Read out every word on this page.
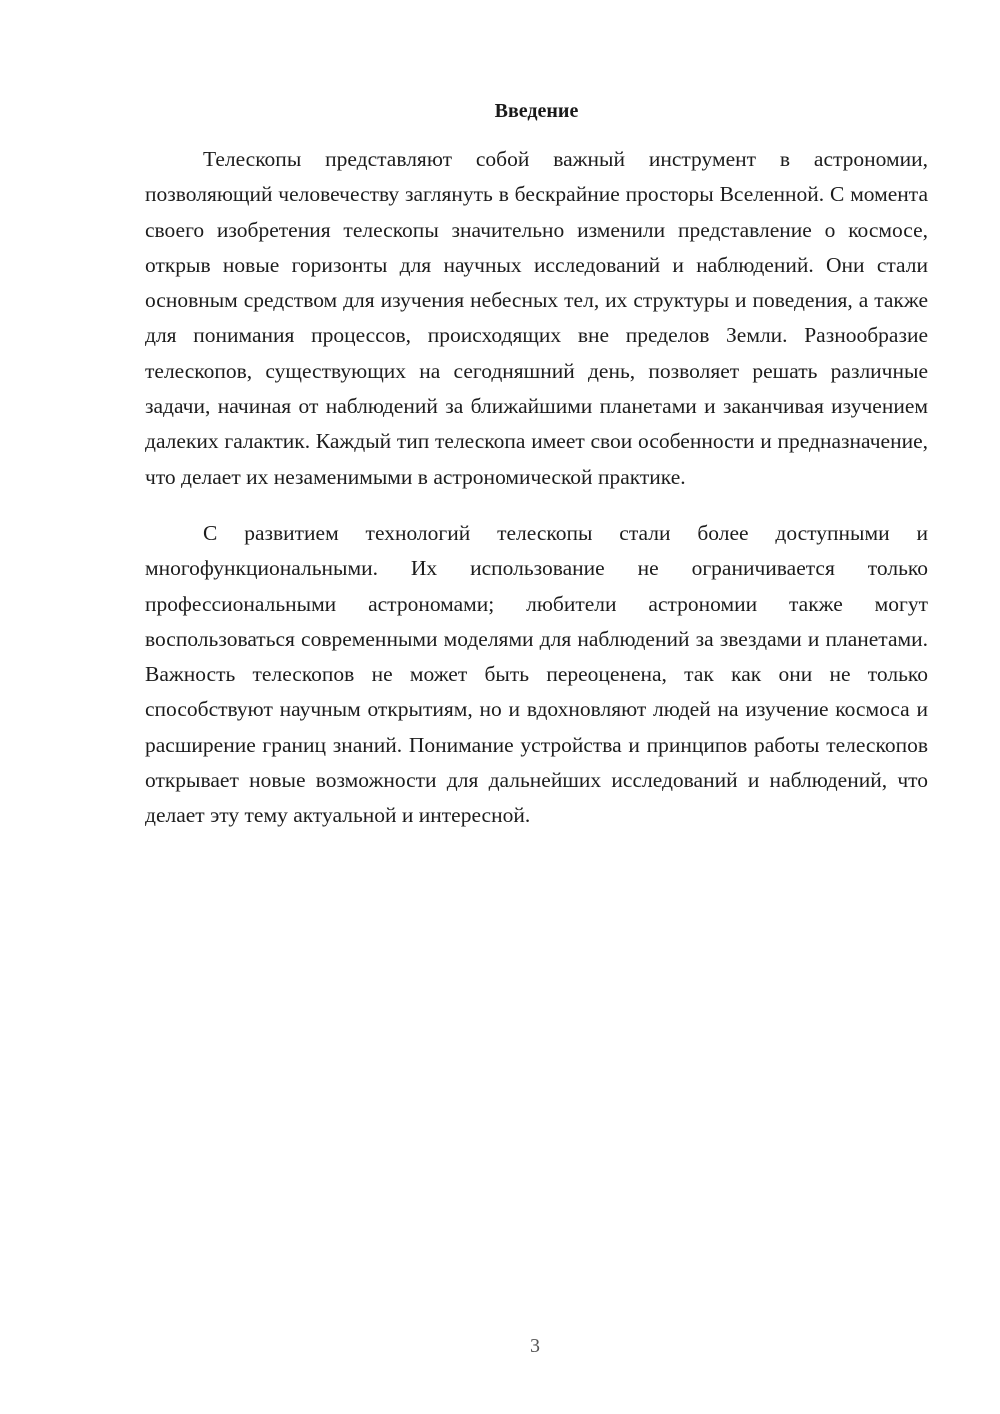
Введение

Телескопы представляют собой важный инструмент в астрономии, позволяющий человечеству заглянуть в бескрайние просторы Вселенной. С момента своего изобретения телескопы значительно изменили представление о космосе, открыв новые горизонты для научных исследований и наблюдений. Они стали основным средством для изучения небесных тел, их структуры и поведения, а также для понимания процессов, происходящих вне пределов Земли. Разнообразие телескопов, существующих на сегодняшний день, позволяет решать различные задачи, начиная от наблюдений за ближайшими планетами и заканчивая изучением далеких галактик. Каждый тип телескопа имеет свои особенности и предназначение, что делает их незаменимыми в астрономической практике.

С развитием технологий телескопы стали более доступными и многофункциональными. Их использование не ограничивается только профессиональными астрономами; любители астрономии также могут воспользоваться современными моделями для наблюдений за звездами и планетами. Важность телескопов не может быть переоценена, так как они не только способствуют научным открытиям, но и вдохновляют людей на изучение космоса и расширение границ знаний. Понимание устройства и принципов работы телескопов открывает новые возможности для дальнейших исследований и наблюдений, что делает эту тему актуальной и интересной.

3
